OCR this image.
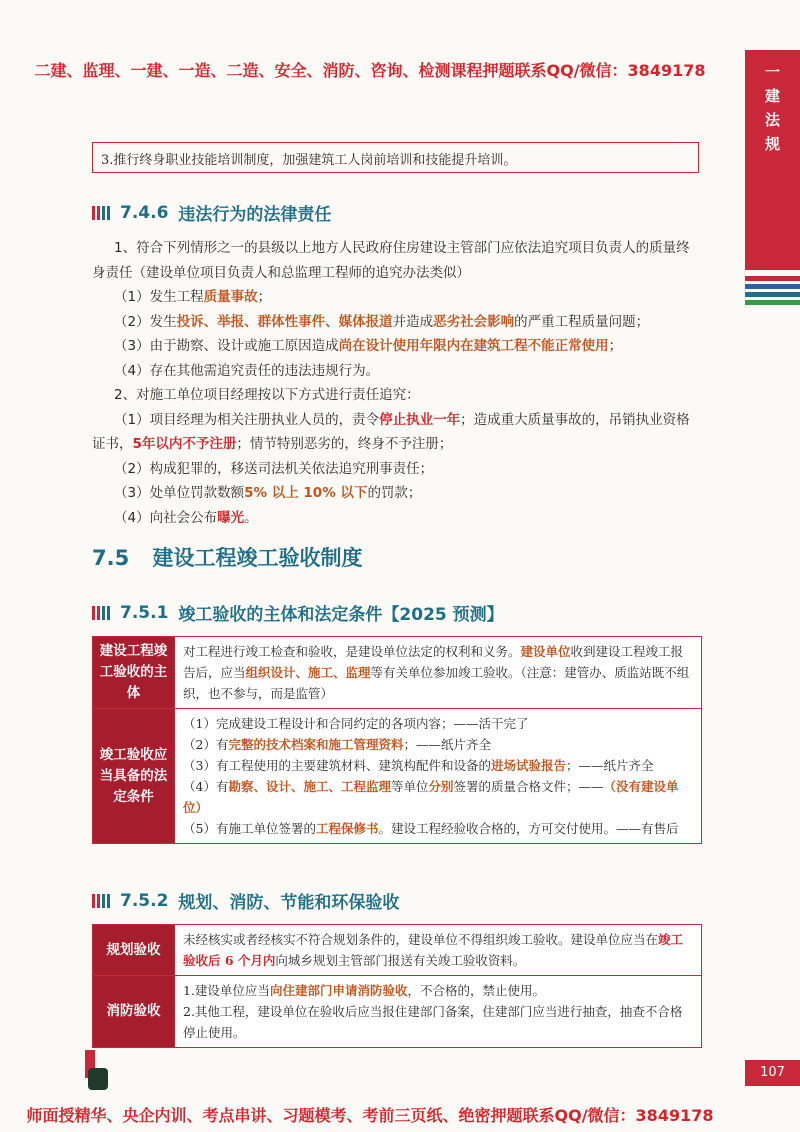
二建、监理、一建、一造、二造、安全、消防、咨询、检测课程押题联系QQ/微信：3849178	一
建
法
规
3.推行终身职业技能培训制度，加强建筑工人岗前培训和技能提升培训。
7.4.6 违法行为的法律责任

1、符合下列情形之一的县级以上地方人民政府住房建设主管部门应依法追究项目负责人的质量终身责任（建设单位项目负责人和总监理工程师的追究办法类似）

（1）发生工程质量事故；

（2）发生投诉、举报、群体性事件、媒体报道并造成恶劣社会影响的严重工程质量问题；

（3）由于勘察、设计或施工原因造成尚在设计使用年限内在建筑工程不能正常使用；

（4）存在其他需追究责任的违法违规行为。

2、对施工单位项目经理按以下方式进行责任追究：

（1）项目经理为相关注册执业人员的，责令停止执业一年；造成重大质量事故的，吊销执业资格证书，5年以内不予注册；情节特别恶劣的，终身不予注册；

（2）构成犯罪的，移送司法机关依法追究刑事责任；

（3）处单位罚款数额5% 以上 10% 以下的罚款；

（4）向社会公布曝光。

7.5 建设工程竣工验收制度
7.5.1 竣工验收的主体和法定条件【2025 预测】
建设工程竣工验收的主体	对工程进行竣工检查和验收，是建设单位法定的权利和义务。建设单位收到建设工程竣工报告后，应当组织设计、施工、监理等有关单位参加竣工验收。（注意：建管办、质监站既不组织，也不参与，而是监管）
竣工验收应当具备的法定条件	（1）完成建设工程设计和合同约定的各项内容；——活干完了
（2）有完整的技术档案和施工管理资料；——纸片齐全
（3）有工程使用的主要建筑材料、建筑构配件和设备的进场试验报告；——纸片齐全
（4）有勘察、设计、施工、工程监理等单位分别签署的质量合格文件；——（没有建设单位）
（5）有施工单位签署的工程保修书。建设工程经验收合格的，方可交付使用。——有售后
7.5.2 规划、消防、节能和环保验收
规划验收	未经核实或者经核实不符合规划条件的，建设单位不得组织竣工验收。建设单位应当在竣工验收后 6 个月内向城乡规划主管部门报送有关竣工验收资料。
消防验收	1.建设单位应当向住建部门申请消防验收，不合格的，禁止使用。
2.其他工程，建设单位在验收后应当报住建部门备案，住建部门应当进行抽查，抽查不合格停止使用。
107
师面授精华、央企内训、考点串讲、习题模考、考前三页纸、绝密押题联系QQ/微信：3849178
